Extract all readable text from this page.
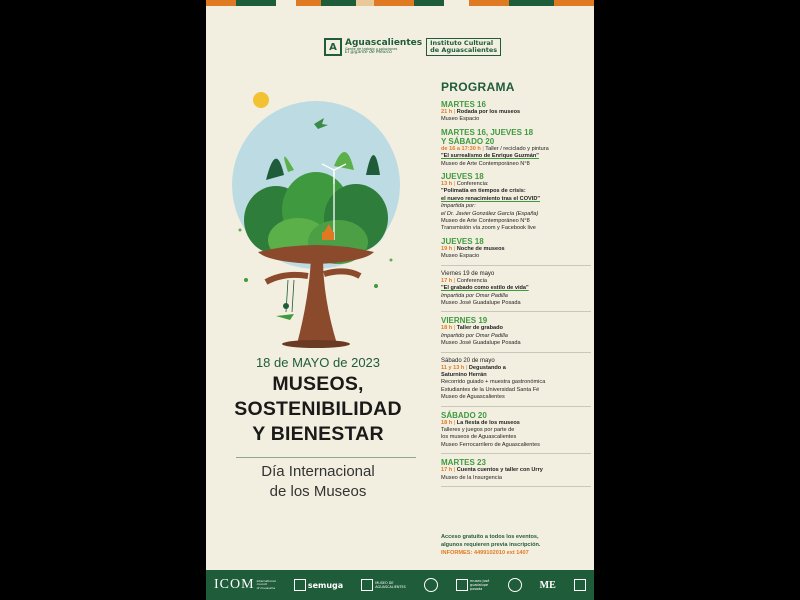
A Aguascalientes
Gente de trabajo y soluciones
El gigante de México
Instituto Cultural
de Aguascalientes
18 de MAYO de 2023
MUSEOS,
SOSTENIBILIDAD
Y BIENESTAR
Día Internacional
de los Museos
PROGRAMA
MARTES 16
21 h | Rodada por los museos
Museo Espacio
MARTES 16, JUEVES 18
Y SÁBADO 20
de 16 a 17:30 h | Taller / reciclado y pintura
"El surrealismo de Enrique Guzmán"
Museo de Arte Contemporáneo N°8
JUEVES 18
13 h | Conferencia:
"Polimatía en tiempos de crisis:
el nuevo renacimiento tras el COVID"
Impartida por:
el Dr. Javier González García (España)
Museo de Arte Contemporáneo N°8
Transmisión vía zoom y Facebook live
JUEVES 18
19 h | Noche de museos
Museo Espacio
Viernes 19 de mayo
17 h | Conferencia
"El grabado como estilo de vida"
Impartida por Omar Padilla
Museo José Guadalupe Posada
VIERNES 19
18 h | Taller de grabado
Impartido por Omar Padilla
Museo José Guadalupe Posada
Sábado 20 de mayo
11 y 13 h | Degustando a
Saturnino Herrán
Recorrido guiado + muestra gastronómica
Estudiantes de la Universidad Santa Fé
Museo de Aguascalientes
SÁBADO 20
18 h | La fiesta de los museos
Talleres y juegos por parte de
los museos de Aguascalientes
Museo Ferrocarrilero de Aguascalientes
MARTES 23
17 h | Cuenta cuentos y taller con Urry
Museo de la Insurgencia
Acceso gratuito a todos los eventos,
algunos requieren previa inscripción.
INFORMES: 4499102010 ext 1407
ICOM international
council
of museums	semuga	MUSEO DE
AGUASCALIENTES
museo josé
guadalupe
posada	ME
